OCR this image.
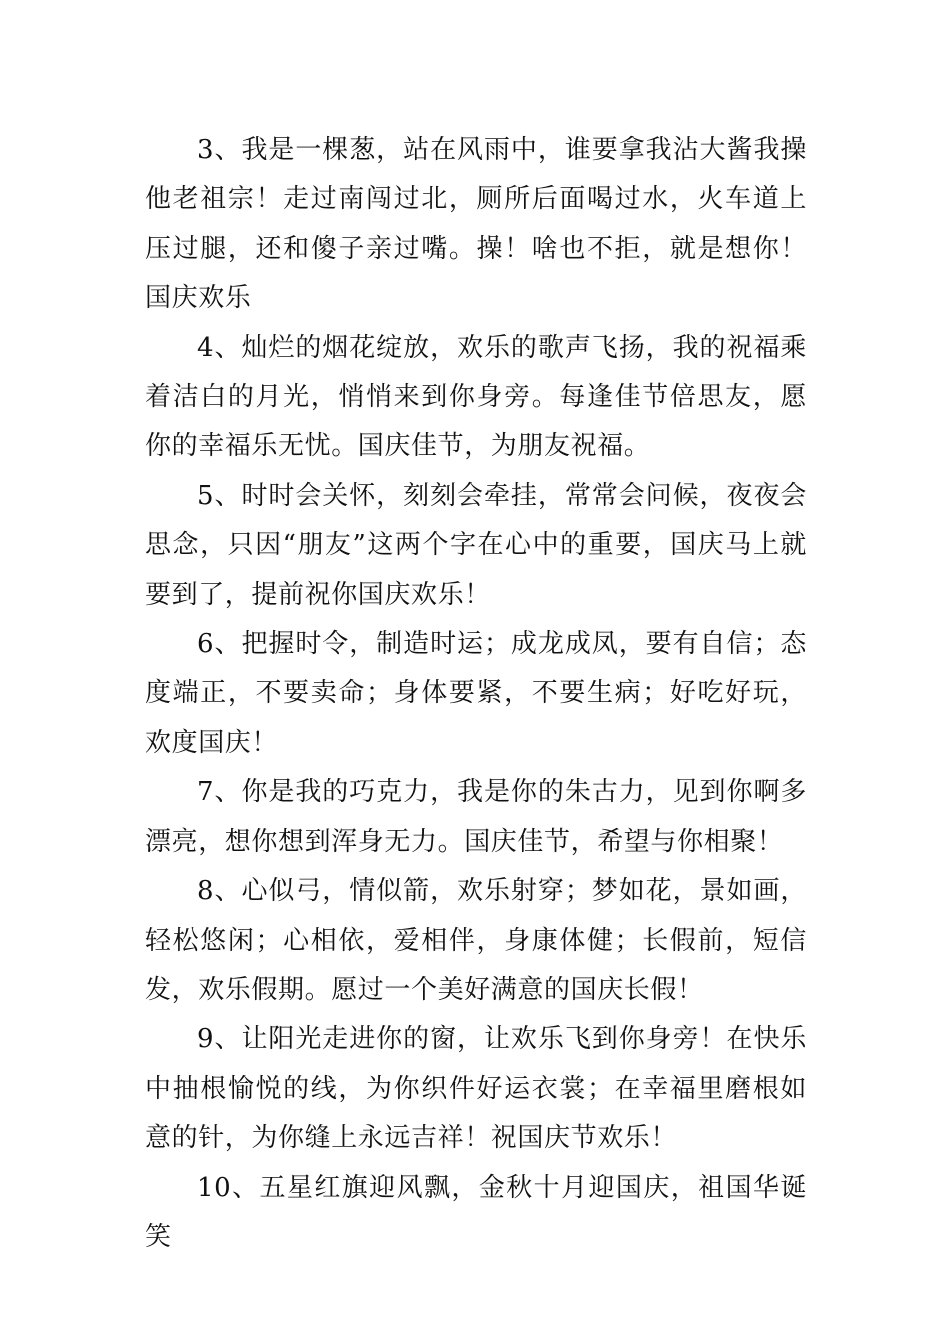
3、我是一棵葱，站在风雨中，谁要拿我沾大酱我操他老祖宗！走过南闯过北，厕所后面喝过水，火车道上压过腿，还和傻子亲过嘴。操！啥也不拒，就是想你！国庆欢乐

4、灿烂的烟花绽放，欢乐的歌声飞扬，我的祝福乘着洁白的月光，悄悄来到你身旁。每逢佳节倍思友，愿你的幸福乐无忧。国庆佳节，为朋友祝福。

5、时时会关怀，刻刻会牵挂，常常会问候，夜夜会思念，只因“朋友”这两个字在心中的重要，国庆马上就要到了，提前祝你国庆欢乐！

6、把握时令，制造时运；成龙成凤，要有自信；态度端正，不要卖命；身体要紧，不要生病；好吃好玩，欢度国庆！

7、你是我的巧克力，我是你的朱古力，见到你啊多漂亮，想你想到浑身无力。国庆佳节，希望与你相聚！

8、心似弓，情似箭，欢乐射穿；梦如花，景如画，轻松悠闲；心相依，爱相伴，身康体健；长假前，短信发，欢乐假期。愿过一个美好满意的国庆长假！

9、让阳光走进你的窗，让欢乐飞到你身旁！在快乐中抽根愉悦的线，为你织件好运衣裳；在幸福里磨根如意的针，为你缝上永远吉祥！祝国庆节欢乐！

10、五星红旗迎风飘，金秋十月迎国庆，祖国华诞笑
